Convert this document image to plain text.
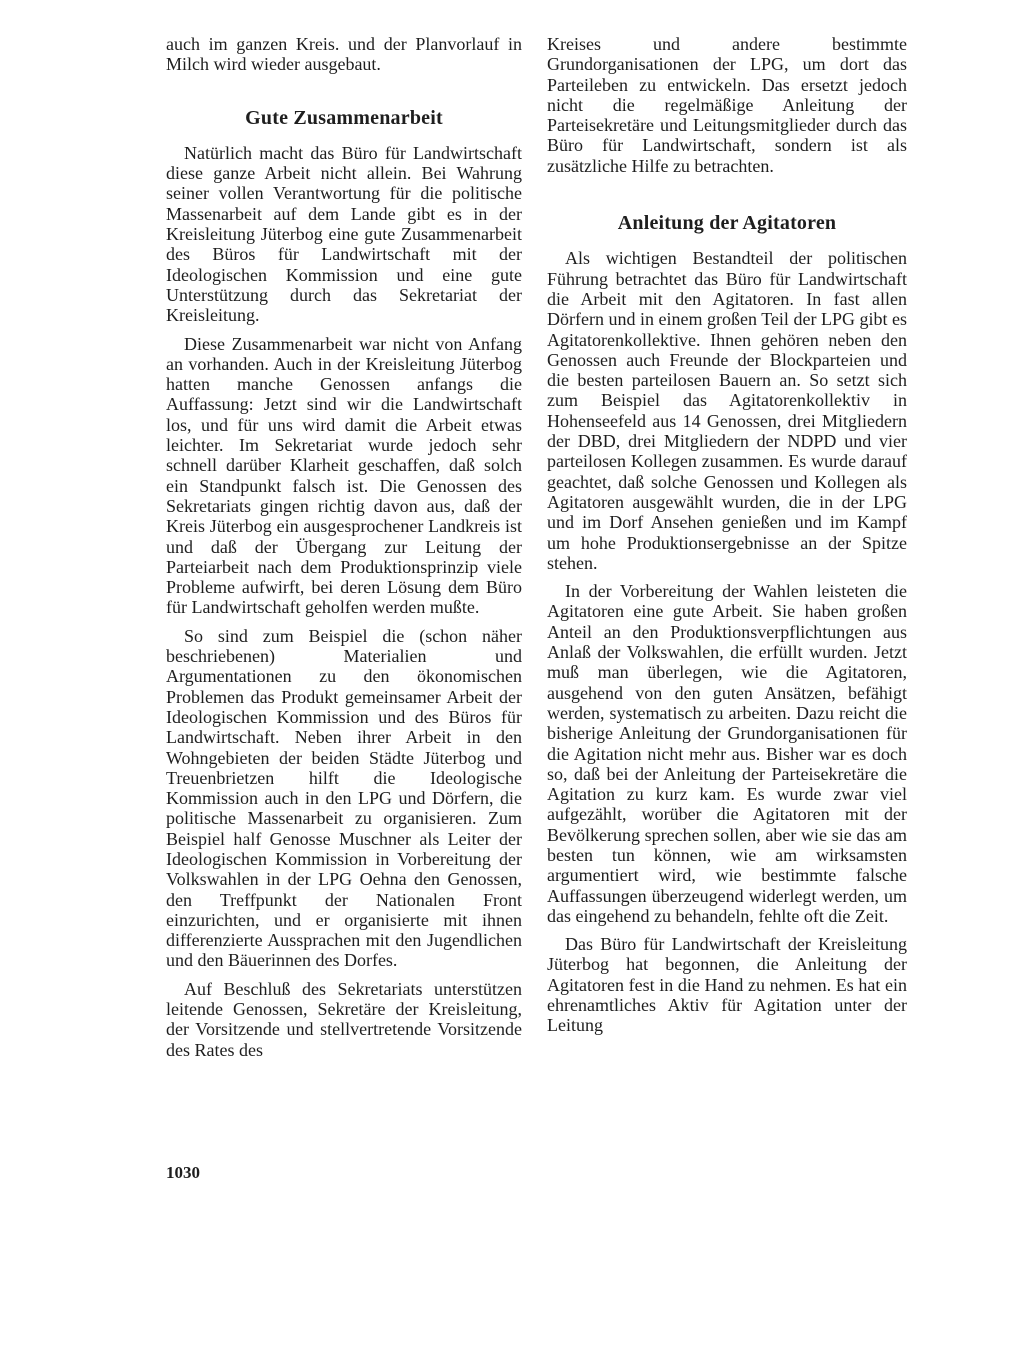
auch im ganzen Kreis. und der Planvorlauf in Milch wird wieder ausgebaut.

Gute Zusammenarbeit

Natürlich macht das Büro für Landwirtschaft diese ganze Arbeit nicht allein. Bei Wahrung seiner vollen Verantwortung für die politische Massenarbeit auf dem Lande gibt es in der Kreisleitung Jüterbog eine gute Zusammenarbeit des Büros für Landwirtschaft mit der Ideologischen Kommission und eine gute Unterstützung durch das Sekretariat der Kreisleitung.

Diese Zusammenarbeit war nicht von Anfang an vorhanden. Auch in der Kreisleitung Jüterbog hatten manche Genossen anfangs die Auffassung: Jetzt sind wir die Landwirtschaft los, und für uns wird damit die Arbeit etwas leichter. Im Sekretariat wurde jedoch sehr schnell darüber Klarheit geschaffen, daß solch ein Standpunkt falsch ist. Die Genossen des Sekretariats gingen richtig davon aus, daß der Kreis Jüterbog ein ausgesprochener Landkreis ist und daß der Übergang zur Leitung der Parteiarbeit nach dem Produktionsprinzip viele Probleme aufwirft, bei deren Lösung dem Büro für Landwirtschaft geholfen werden mußte.

So sind zum Beispiel die (schon näher beschriebenen) Materialien und Argumentationen zu den ökonomischen Problemen das Produkt gemeinsamer Arbeit der Ideologischen Kommission und des Büros für Landwirtschaft. Neben ihrer Arbeit in den Wohngebieten der beiden Städte Jüterbog und Treuenbrietzen hilft die Ideologische Kommission auch in den LPG und Dörfern, die politische Massenarbeit zu organisieren. Zum Beispiel half Genosse Muschner als Leiter der Ideologischen Kommission in Vorbereitung der Volkswahlen in der LPG Oehna den Genossen, den Treffpunkt der Nationalen Front einzurichten, und er organisierte mit ihnen differenzierte Aussprachen mit den Jugendlichen und den Bäuerinnen des Dorfes.

Auf Beschluß des Sekretariats unterstützen leitende Genossen, Sekretäre der Kreisleitung, der Vorsitzende und stellvertretende Vorsitzende des Rates des

Kreises und andere bestimmte Grundorganisationen der LPG, um dort das Parteileben zu entwickeln. Das ersetzt jedoch nicht die regelmäßige Anleitung der Parteisekretäre und Leitungsmitglieder durch das Büro für Landwirtschaft, sondern ist als zusätzliche Hilfe zu betrachten.

Anleitung der Agitatoren

Als wichtigen Bestandteil der politischen Führung betrachtet das Büro für Landwirtschaft die Arbeit mit den Agitatoren. In fast allen Dörfern und in einem großen Teil der LPG gibt es Agitatorenkollektive. Ihnen gehören neben den Genossen auch Freunde der Blockparteien und die besten parteilosen Bauern an. So setzt sich zum Beispiel das Agitatorenkollektiv in Hohenseefeld aus 14 Genossen, drei Mitgliedern der DBD, drei Mitgliedern der NDPD und vier parteilosen Kollegen zusammen. Es wurde darauf geachtet, daß solche Genossen und Kollegen als Agitatoren ausgewählt wurden, die in der LPG und im Dorf Ansehen genießen und im Kampf um hohe Produktionsergebnisse an der Spitze stehen.

In der Vorbereitung der Wahlen leisteten die Agitatoren eine gute Arbeit. Sie haben großen Anteil an den Produktionsverpflichtungen aus Anlaß der Volkswahlen, die erfüllt wurden. Jetzt muß man überlegen, wie die Agitatoren, ausgehend von den guten Ansätzen, befähigt werden, systematisch zu arbeiten. Dazu reicht die bisherige Anleitung der Grundorganisationen für die Agitation nicht mehr aus. Bisher war es doch so, daß bei der Anleitung der Parteisekretäre die Agitation zu kurz kam. Es wurde zwar viel aufgezählt, worüber die Agitatoren mit der Bevölkerung sprechen sollen, aber wie sie das am besten tun können, wie am wirksamsten argumentiert wird, wie bestimmte falsche Auffassungen überzeugend widerlegt werden, um das eingehend zu behandeln, fehlte oft die Zeit.

Das Büro für Landwirtschaft der Kreisleitung Jüterbog hat begonnen, die Anleitung der Agitatoren fest in die Hand zu nehmen. Es hat ein ehrenamtliches Aktiv für Agitation unter der Leitung

1030
